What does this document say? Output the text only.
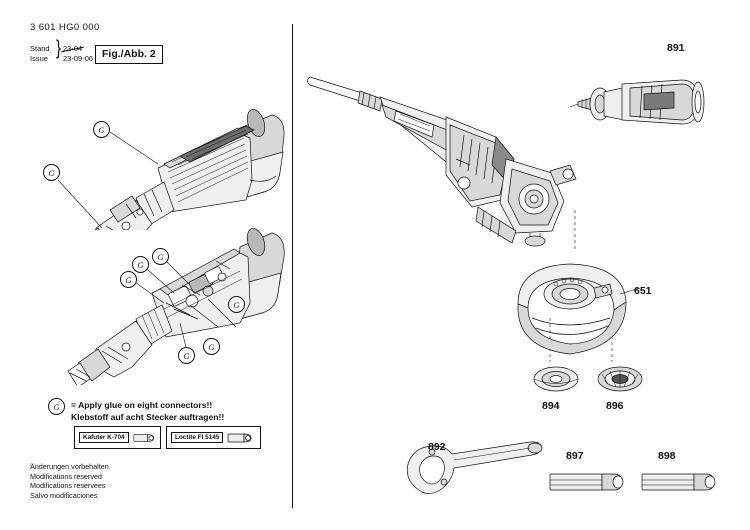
3 601 HG0 000
Stand } 23-04
Issue	23-09-06 Fig./Abb. 2
G
G
G
G
G
G
G
G
G	= Apply glue on eight connectors!!
Klebstoff auf acht Stecker auftragen!!
Kafuter K-704	Loctite FI 5145
Änderungen vorbehalten
Modifications reserved
Modifications reservees
Salvo modificaciones
891
651
894	896
892
897	898
